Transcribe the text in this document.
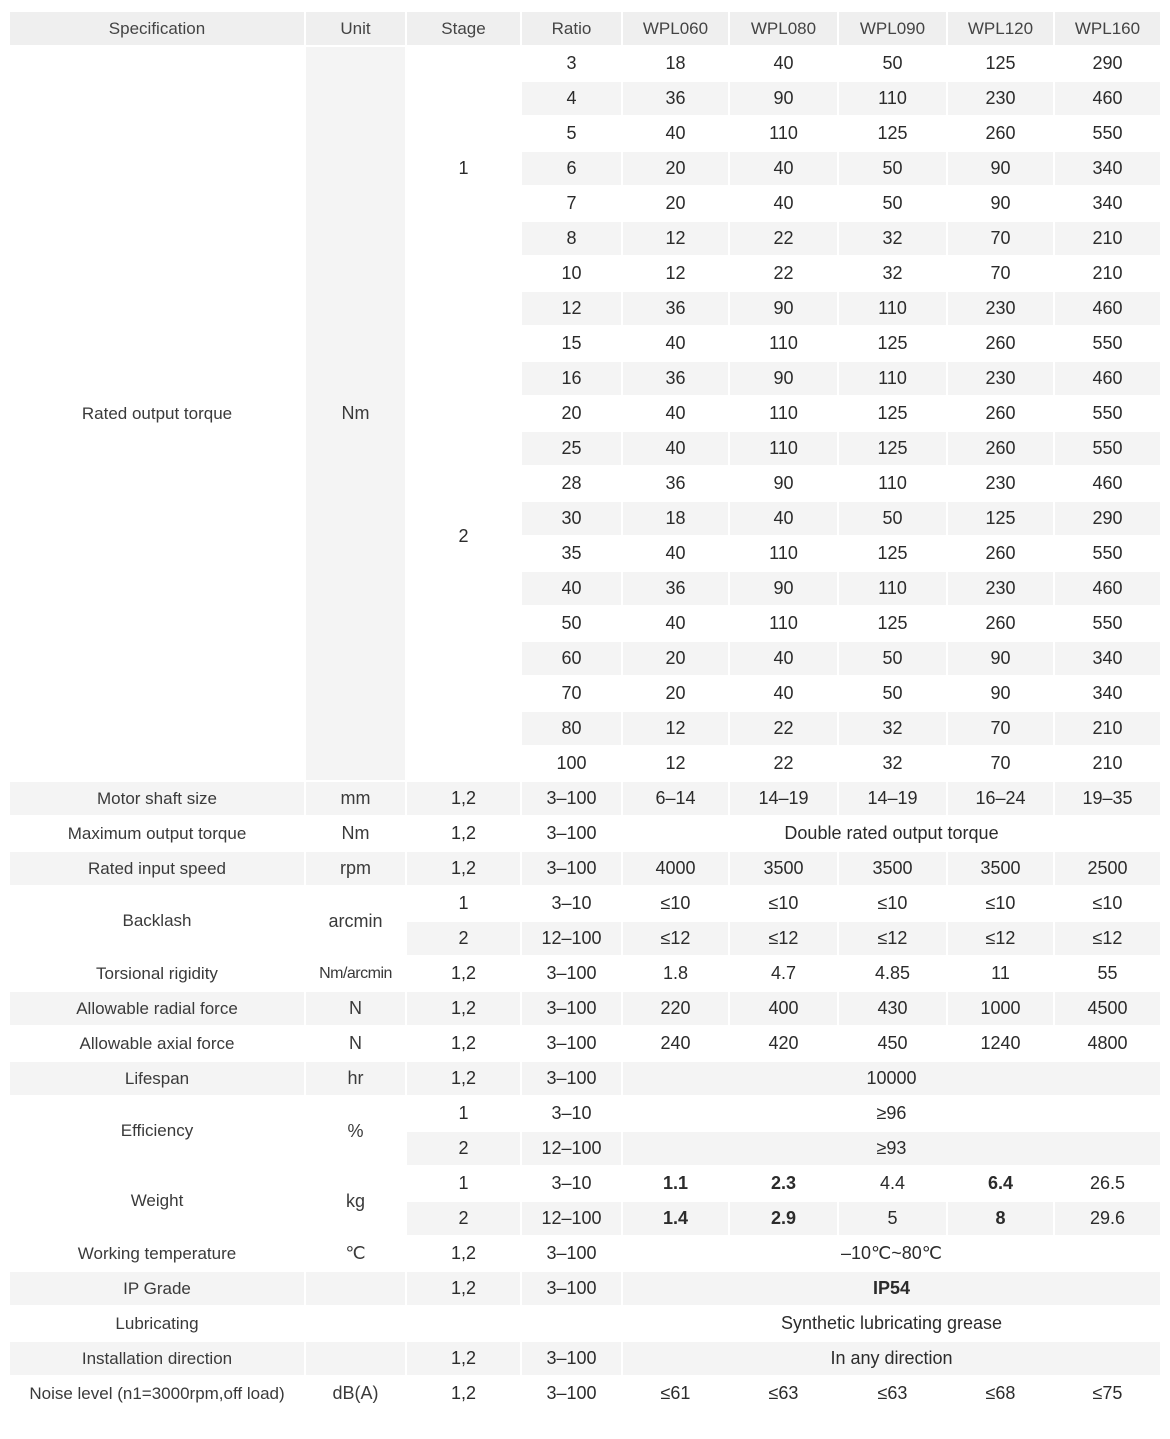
Specification	Unit	Stage	Ratio	WPL060	WPL080	WPL090	WPL120	WPL160
Rated output torque	Nm	1	3	18	40	50	125	290
			4	36	90	110	230	460
			5	40	110	125	260	550
			6	20	40	50	90	340
			7	20	40	50	90	340
			8	12	22	32	70	210
			10	12	22	32	70	210
		2	12	36	90	110	230	460
			15	40	110	125	260	550
			16	36	90	110	230	460
			20	40	110	125	260	550
			25	40	110	125	260	550
			28	36	90	110	230	460
			30	18	40	50	125	290
			35	40	110	125	260	550
			40	36	90	110	230	460
			50	40	110	125	260	550
			60	20	40	50	90	340
			70	20	40	50	90	340
			80	12	22	32	70	210
			100	12	22	32	70	210
Motor shaft size	mm	1,2	3–100	6–14	14–19	14–19	16–24	19–35
Maximum output torque	Nm	1,2	3–100	Double rated output torque				
Rated input speed	rpm	1,2	3–100	4000	3500	3500	3500	2500
Backlash	arcmin	1	3–10	≤10	≤10	≤10	≤10	≤10
		2	12–100	≤12	≤12	≤12	≤12	≤12
Torsional rigidity	Nm/arcmin	1,2	3–100	1.8	4.7	4.85	11	55
Allowable radial force	N	1,2	3–100	220	400	430	1000	4500
Allowable axial force	N	1,2	3–100	240	420	450	1240	4800
Lifespan	hr	1,2	3–100	10000				
Efficiency	%	1	3–10	≥96				
		2	12–100	≥93				
Weight	kg	1	3–10	1.1	2.3	4.4	6.4	26.5
		2	12–100	1.4	2.9	5	8	29.6
Working temperature	℃	1,2	3–100	–10℃~80℃				
IP Grade		1,2	3–100	IP54				
Lubricating				Synthetic lubricating grease				
Installation direction		1,2	3–100	In any direction				
Noise level (n1=3000rpm,off load)	dB(A)	1,2	3–100	≤61	≤63	≤63	≤68	≤75
